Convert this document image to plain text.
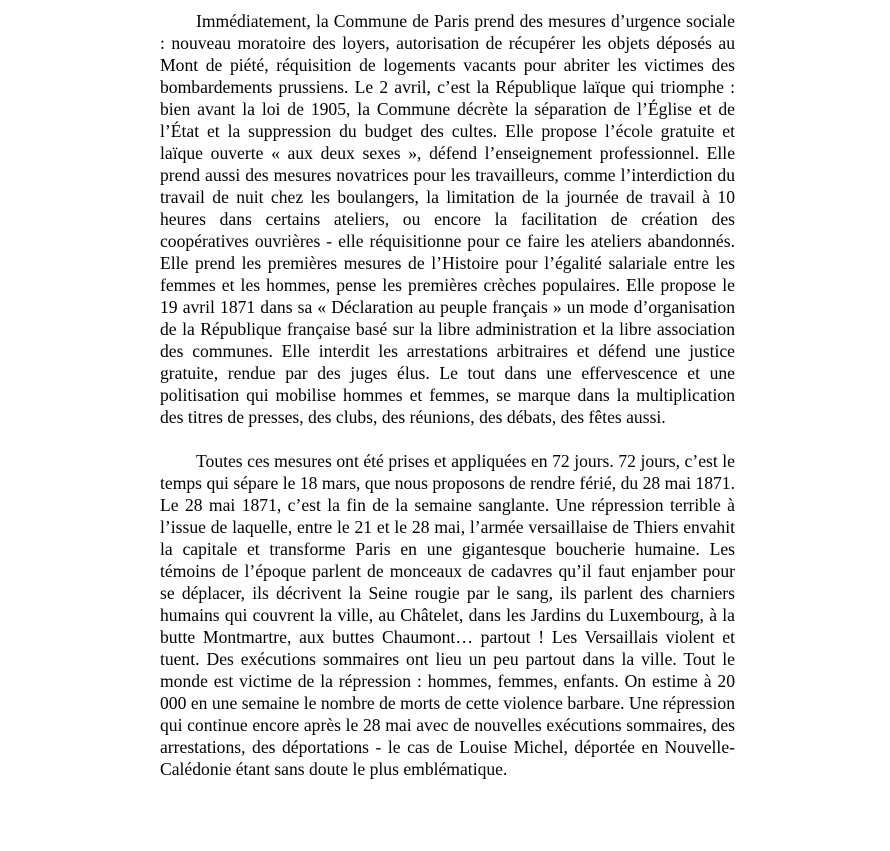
Immédiatement, la Commune de Paris prend des mesures d’urgence sociale : nouveau moratoire des loyers, autorisation de récupérer les objets déposés au Mont de piété, réquisition de logements vacants pour abriter les victimes des bombardements prussiens. Le 2 avril, c’est la République laïque qui triomphe : bien avant la loi de 1905, la Commune décrète la séparation de l’Église et de l’État et la suppression du budget des cultes. Elle propose l’école gratuite et laïque ouverte « aux deux sexes », défend l’enseignement professionnel. Elle prend aussi des mesures novatrices pour les travailleurs, comme l’interdiction du travail de nuit chez les boulangers, la limitation de la journée de travail à 10 heures dans certains ateliers, ou encore la facilitation de création des coopératives ouvrières - elle réquisitionne pour ce faire les ateliers abandonnés. Elle prend les premières mesures de l’Histoire pour l’égalité salariale entre les femmes et les hommes, pense les premières crèches populaires. Elle propose le 19 avril 1871 dans sa « Déclaration au peuple français » un mode d’organisation de la République française basé sur la libre administration et la libre association des communes. Elle interdit les arrestations arbitraires et défend une justice gratuite, rendue par des juges élus. Le tout dans une effervescence et une politisation qui mobilise hommes et femmes, se marque dans la multiplication des titres de presses, des clubs, des réunions, des débats, des fêtes aussi.

Toutes ces mesures ont été prises et appliquées en 72 jours. 72 jours, c’est le temps qui sépare le 18 mars, que nous proposons de rendre férié, du 28 mai 1871. Le 28 mai 1871, c’est la fin de la semaine sanglante. Une répression terrible à l’issue de laquelle, entre le 21 et le 28 mai, l’armée versaillaise de Thiers envahit la capitale et transforme Paris en une gigantesque boucherie humaine. Les témoins de l’époque parlent de monceaux de cadavres qu’il faut enjamber pour se déplacer, ils décrivent la Seine rougie par le sang, ils parlent des charniers humains qui couvrent la ville, au Châtelet, dans les Jardins du Luxembourg, à la butte Montmartre, aux buttes Chaumont… partout ! Les Versaillais violent et tuent. Des exécutions sommaires ont lieu un peu partout dans la ville. Tout le monde est victime de la répression : hommes, femmes, enfants. On estime à 20 000 en une semaine le nombre de morts de cette violence barbare. Une répression qui continue encore après le 28 mai avec de nouvelles exécutions sommaires, des arrestations, des déportations - le cas de Louise Michel, déportée en Nouvelle-Calédonie étant sans doute le plus emblématique.
